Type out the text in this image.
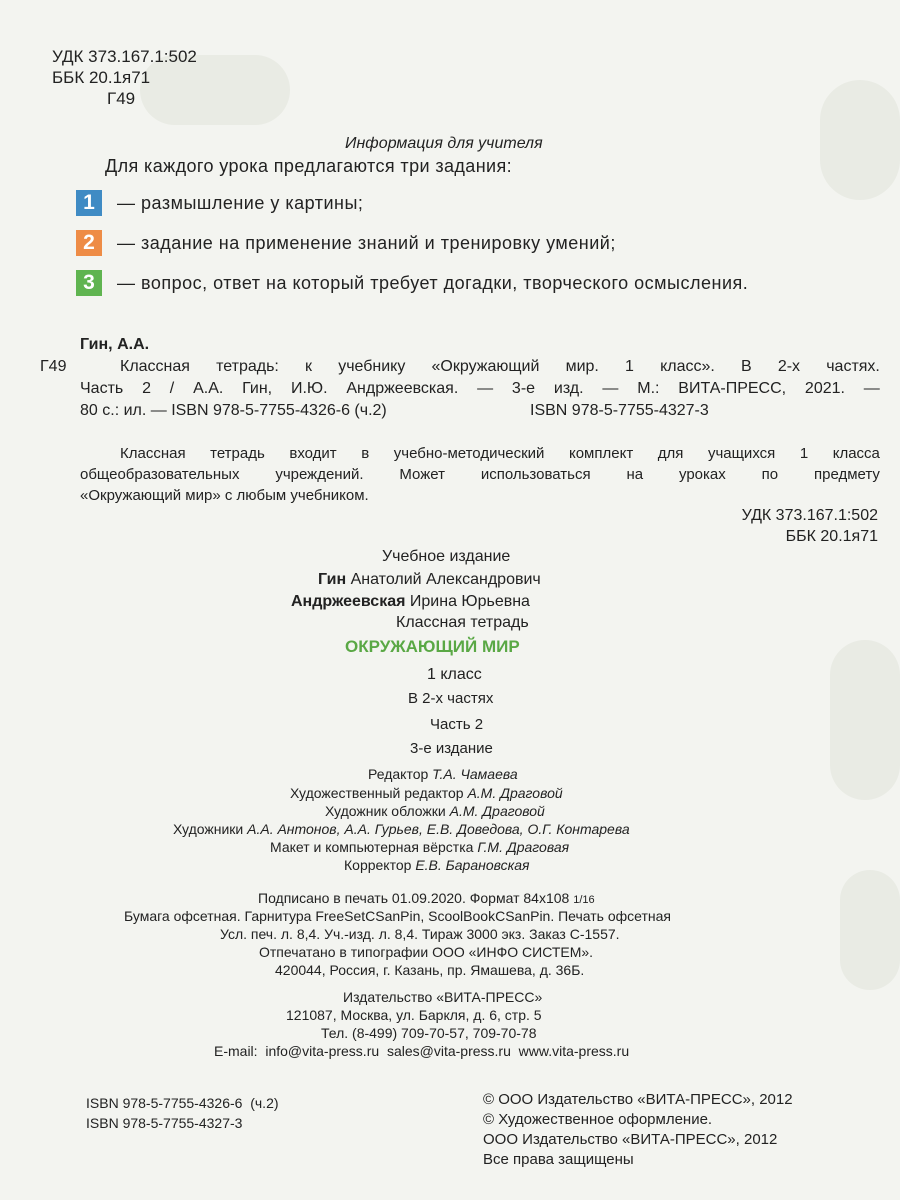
УДК 373.167.1:502
ББК 20.1я71
Г49
Информация для учителя
Для каждого урока предлагаются три задания:
1	— размышление у картины;
2	— задание на применение знаний и тренировку умений;
3	— вопрос, ответ на который требует догадки, творческого осмысления.
Гин, А.А.
Г49	Классная тетрадь: к учебнику «Окружающий мир. 1 класс». В 2-х частях.
Часть 2 / А.А. Гин, И.Ю. Андржеевская. — 3-е изд. — М.: ВИТА-ПРЕСС, 2021. —
80 с.: ил. — ISBN 978-5-7755-4326-6 (ч.2)	ISBN 978-5-7755-4327-3
Классная тетрадь входит в учебно-методический комплект для учащихся 1 класса
общеобразовательных учреждений. Может использоваться на уроках по предмету
«Окружающий мир» с любым учебником.
УДК 373.167.1:502
ББК 20.1я71
Учебное издание
Гин Анатолий Александрович
Андржеевская Ирина Юрьевна
Классная тетрадь
ОКРУЖАЮЩИЙ МИР
1 класс
В 2-х частях
Часть 2
3-е издание
Редактор Т.А. Чамаева
Художественный редактор А.М. Драговой
Художник обложки А.М. Драговой
Художники А.А. Антонов, А.А. Гурьев, Е.В. Доведова, О.Г. Контарева
Макет и компьютерная вёрстка Г.М. Драговая
Корректор Е.В. Барановская
Подписано в печать 01.09.2020. Формат 84х108 1/16
Бумага офсетная. Гарнитура FreeSetCSanPin, ScoolBookCSanPin. Печать офсетная
Усл. печ. л. 8,4. Уч.-изд. л. 8,4. Тираж 3000 экз. Заказ С-1557.
Отпечатано в типографии ООО «ИНФО СИСТЕМ».
420044, Россия, г. Казань, пр. Ямашева, д. 36Б.
Издательство «ВИТА-ПРЕСС»
121087, Москва, ул. Баркля, д. 6, стр. 5
Тел. (8-499) 709-70-57, 709-70-78
E-mail: info@vita-press.ru sales@vita-press.ru www.vita-press.ru
ISBN 978-5-7755-4326-6 (ч.2)
ISBN 978-5-7755-4327-3
© ООО Издательство «ВИТА-ПРЕСС», 2012
© Художественное оформление.
ООО Издательство «ВИТА-ПРЕСС», 2012
Все права защищены
